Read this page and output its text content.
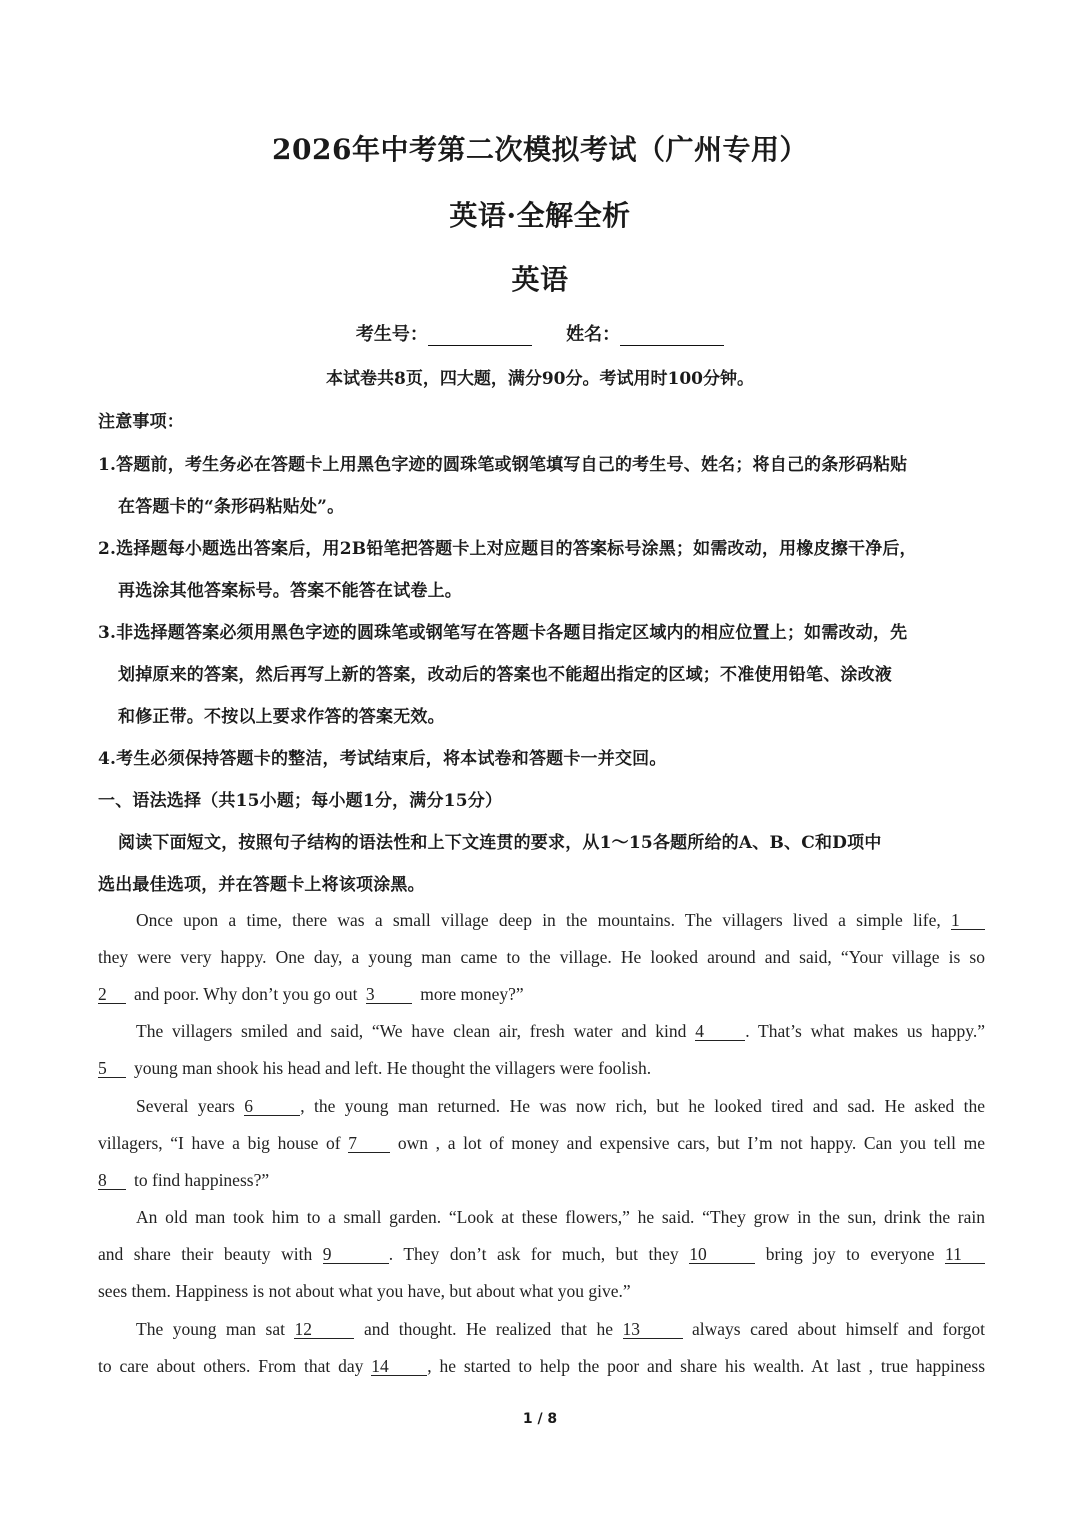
2026年中考第二次模拟考试（广州专用）
英语·全解全析
英语
考生号：	姓名：
本试卷共8页，四大题，满分90分。考试用时100分钟。
注意事项：
1.答题前，考生务必在答题卡上用黑色字迹的圆珠笔或钢笔填写自己的考生号、姓名；将自己的条形码粘贴
在答题卡的“条形码粘贴处”。
2.选择题每小题选出答案后，用2B铅笔把答题卡上对应题目的答案标号涂黑；如需改动，用橡皮擦干净后，
再选涂其他答案标号。答案不能答在试卷上。
3.非选择题答案必须用黑色字迹的圆珠笔或钢笔写在答题卡各题目指定区域内的相应位置上；如需改动，先
划掉原来的答案，然后再写上新的答案，改动后的答案也不能超出指定的区域；不准使用铅笔、涂改液
和修正带。不按以上要求作答的答案无效。
4.考生必须保持答题卡的整洁，考试结束后，将本试卷和答题卡一并交回。
一、语法选择（共15小题；每小题1分，满分15分）
阅读下面短文，按照句子结构的语法性和上下文连贯的要求，从1～15各题所给的A、B、C和D项中
选出最佳选项，并在答题卡上将该项涂黑。
Once upon a time, there was a small village deep in the mountains. The villagers lived a simple life, 1
they were very happy. One day, a young man came to the village. He looked around and said, “Your village is so
2 and poor. Why don’t you go out 3	more money?”
The villagers smiled and said, “We have clean air, fresh water and kind 4 . That’s what makes us happy.”
5 young man shook his head and left. He thought the villagers were foolish.
Several years 6	, the young man returned. He was now rich, but he looked tired and sad. He asked the
villagers, “I have a big house of 7 own , a lot of money and expensive cars, but I’m not happy. Can you tell me
8 to find happiness?”
An old man took him to a small garden. “Look at these flowers,” he said. “They grow in the sun, drink the rain
and share their beauty with 9	. They don’t ask for much, but they 10	bring joy to everyone 11
sees them. Happiness is not about what you have, but about what you give.”
The young man sat 12	and thought. He realized that he 13	always cared about himself and forgot
to care about others. From that day 14 , he started to help the poor and share his wealth. At last , true happiness
1 / 8
